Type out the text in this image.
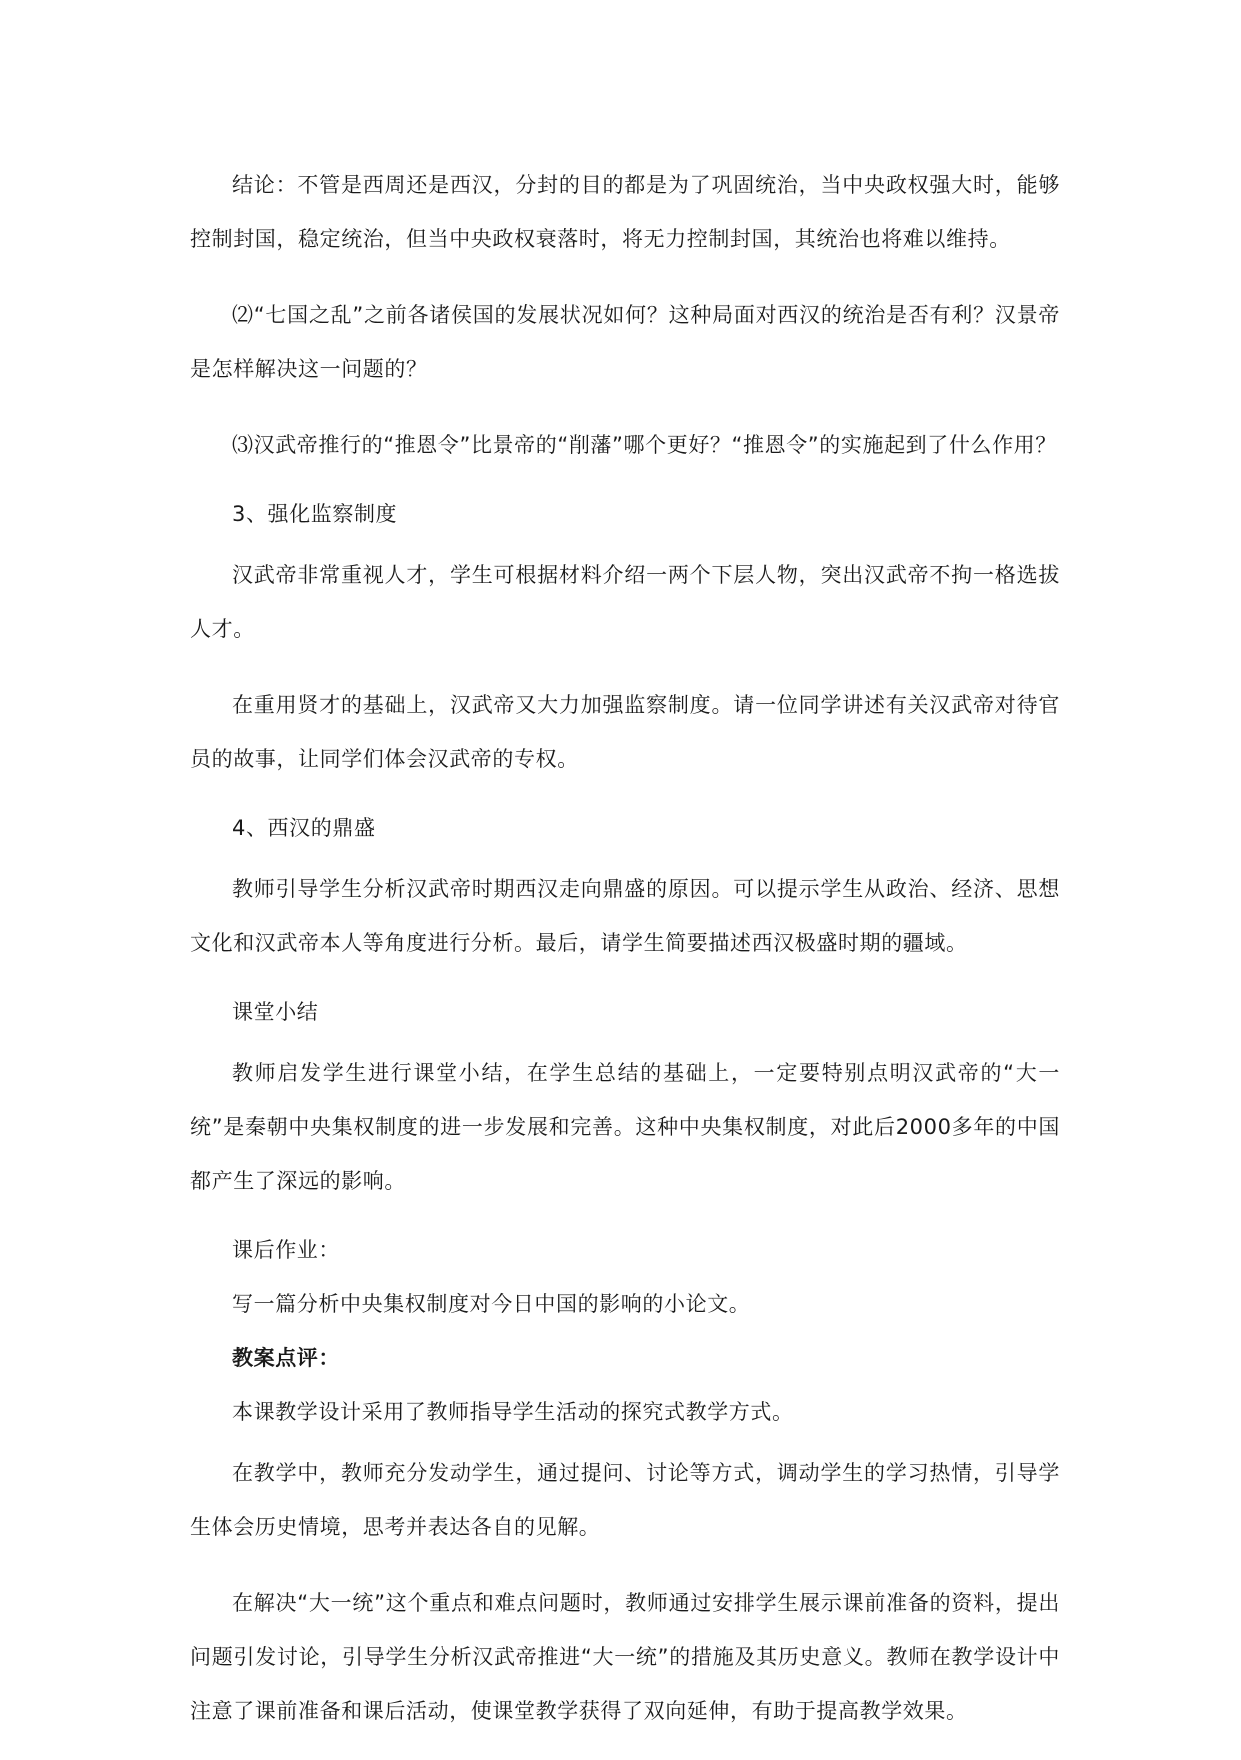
结论：不管是西周还是西汉，分封的目的都是为了巩固统治，当中央政权强大时，能够控制封国，稳定统治，但当中央政权衰落时，将无力控制封国，其统治也将难以维持。

⑵“七国之乱”之前各诸侯国的发展状况如何？这种局面对西汉的统治是否有利？汉景帝是怎样解决这一问题的？

⑶汉武帝推行的“推恩令”比景帝的“削藩”哪个更好？“推恩令”的实施起到了什么作用？

3、强化监察制度

汉武帝非常重视人才，学生可根据材料介绍一两个下层人物，突出汉武帝不拘一格选拔人才。

在重用贤才的基础上，汉武帝又大力加强监察制度。请一位同学讲述有关汉武帝对待官员的故事，让同学们体会汉武帝的专权。

4、西汉的鼎盛

教师引导学生分析汉武帝时期西汉走向鼎盛的原因。可以提示学生从政治、经济、思想文化和汉武帝本人等角度进行分析。最后，请学生简要描述西汉极盛时期的疆域。

课堂小结

教师启发学生进行课堂小结，在学生总结的基础上，一定要特别点明汉武帝的“大一统”是秦朝中央集权制度的进一步发展和完善。这种中央集权制度，对此后2000多年的中国都产生了深远的影响。

课后作业：

写一篇分析中央集权制度对今日中国的影响的小论文。

教案点评：

本课教学设计采用了教师指导学生活动的探究式教学方式。

在教学中，教师充分发动学生，通过提问、讨论等方式，调动学生的学习热情，引导学生体会历史情境，思考并表达各自的见解。

在解决“大一统”这个重点和难点问题时，教师通过安排学生展示课前准备的资料，提出问题引发讨论，引导学生分析汉武帝推进“大一统”的措施及其历史意义。教师在教学设计中注意了课前准备和课后活动，使课堂教学获得了双向延伸，有助于提高教学效果。
